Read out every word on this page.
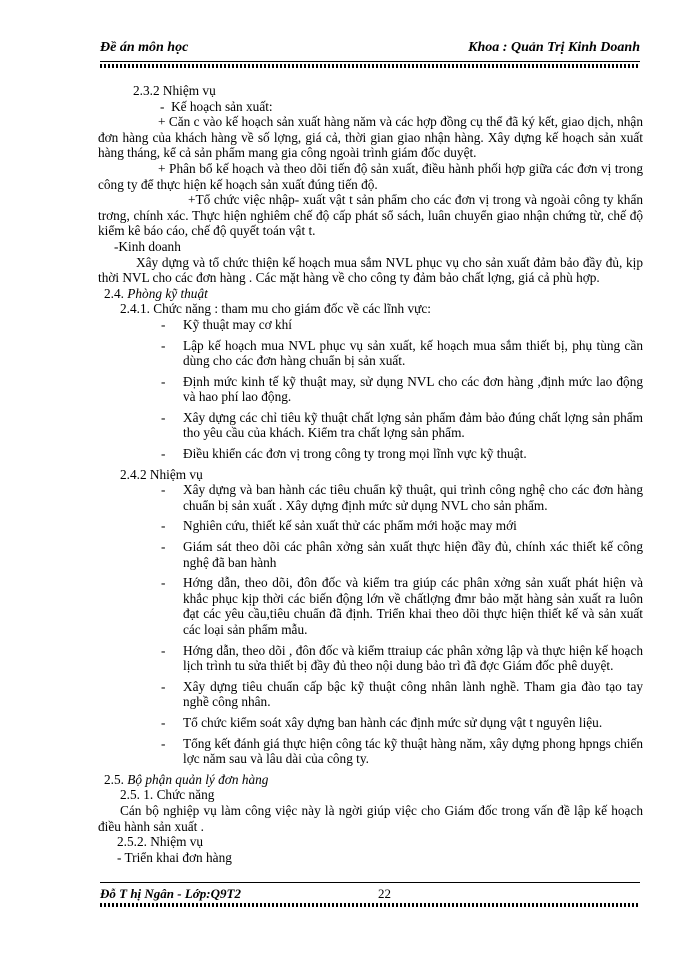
Đề án môn học	Khoa : Quản Trị Kinh Doanh

2.3.2 Nhiệm vụ

-  Kế hoạch sản xuất:

+ Căn c vào kế hoạch sản xuất hàng năm và các hợp đồng cụ thể đã ký kết, giao dịch, nhận đơn hàng của khách hàng về số lợng, giá cả, thời gian giao nhận hàng. Xây dựng kế hoạch sản xuất hàng tháng, kể cả sản phẩm mang gia công ngoài trình giám đốc duyệt.

+ Phân bổ kế hoạch và theo dõi tiến độ sản xuất, điều hành phối hợp giữa các đơn vị trong công ty để thực hiện kế hoạch sản xuất đúng tiến độ.

+Tổ chức việc nhập- xuất vật t sản phẩm cho các đơn vị trong và ngoài công ty khẩn trơng, chính xác. Thực hiện nghiêm chế độ cấp phát sổ sách, luân chuyển giao nhận chứng từ, chế độ kiểm kê báo cáo, chế độ quyết toán vật t.

-Kinh doanh

Xây dựng và tổ chức thiện kế hoạch mua sắm NVL phục vụ cho sản xuất đảm bảo đầy đủ, kịp thời NVL cho các đơn hàng . Các mặt hàng về cho công ty đảm bảo chất lợng, giá cả phù hợp.

2.4. Phòng kỹ thuật

2.4.1. Chức năng : tham mu cho giám đốc về các lĩnh vực:

- Kỹ thuật may cơ khí
- Lập kế hoạch mua NVL phục vụ sản xuất, kế hoạch mua sắm thiết bị, phụ tùng cần dùng cho các đơn hàng chuẩn bị sản xuất.
- Định mức kinh tế kỹ thuật may, sử dụng NVL cho các đơn hàng ,định mức lao động và hao phí lao động.
- Xây dựng các chỉ tiêu kỹ thuật chất lợng sản phẩm đảm bảo đúng chất lợng sản phẩm tho yêu cầu của khách. Kiểm tra chất lợng sản phẩm.
- Điều khiển các đơn vị trong công ty trong mọi lĩnh vực kỹ thuật.

2.4.2 Nhiệm vụ

- Xây dựng và ban hành các tiêu chuẩn kỹ thuật, qui trình công nghệ cho các đơn hàng chuẩn bị sản xuất . Xây dựng định mức sử dụng NVL cho sản phẩm.
- Nghiên cứu, thiết kế sản xuất thử các phẩm mới hoặc may mới
- Giám sát theo dõi các phân xởng sản xuất thực hiện đầy đủ, chính xác thiết kế công nghệ đã ban hành
- Hớng dẫn, theo dõi, đôn đốc và kiểm tra giúp các phân xởng sản xuất phát hiện và khắc phục kịp thời các biến động lớn về chấtlợng đmr bảo mặt hàng sản xuất ra luôn đạt các yêu cầu,tiêu chuẩn đã định. Triển khai theo dõi thực hiện thiết kế và sản xuất các loại sản phẩm mẫu.
- Hớng dẫn, theo dõi , đôn đốc và kiểm ttraiup các phân xởng lập và thực hiện kế hoạch lịch trình tu sửa thiết bị đầy đủ theo nội dung bảo trì đã đợc Giám đốc phê duyệt.
- Xây dựng tiêu chuẩn cấp bậc kỹ thuật công nhân lành nghề. Tham gia đào tạo tay nghề công nhân.
- Tổ chức kiểm soát xây dựng ban hành các định mức sử dụng vật t nguyên liệu.
- Tổng kết đánh giá thực hiện công tác kỹ thuật hàng năm, xây dựng phong hpngs chiến lợc năm sau và lâu dài của công ty.

2.5. Bộ phận quản lý đơn hàng

2.5. 1. Chức năng

Cán bộ nghiệp vụ làm công việc này là ngời giúp việc cho Giám đốc trong vấn đề lập kế hoạch điều hành sản xuất .

2.5.2. Nhiệm vụ

- Triển khai đơn hàng

Đỗ T hị Ngân - Lớp:Q9T2	22
